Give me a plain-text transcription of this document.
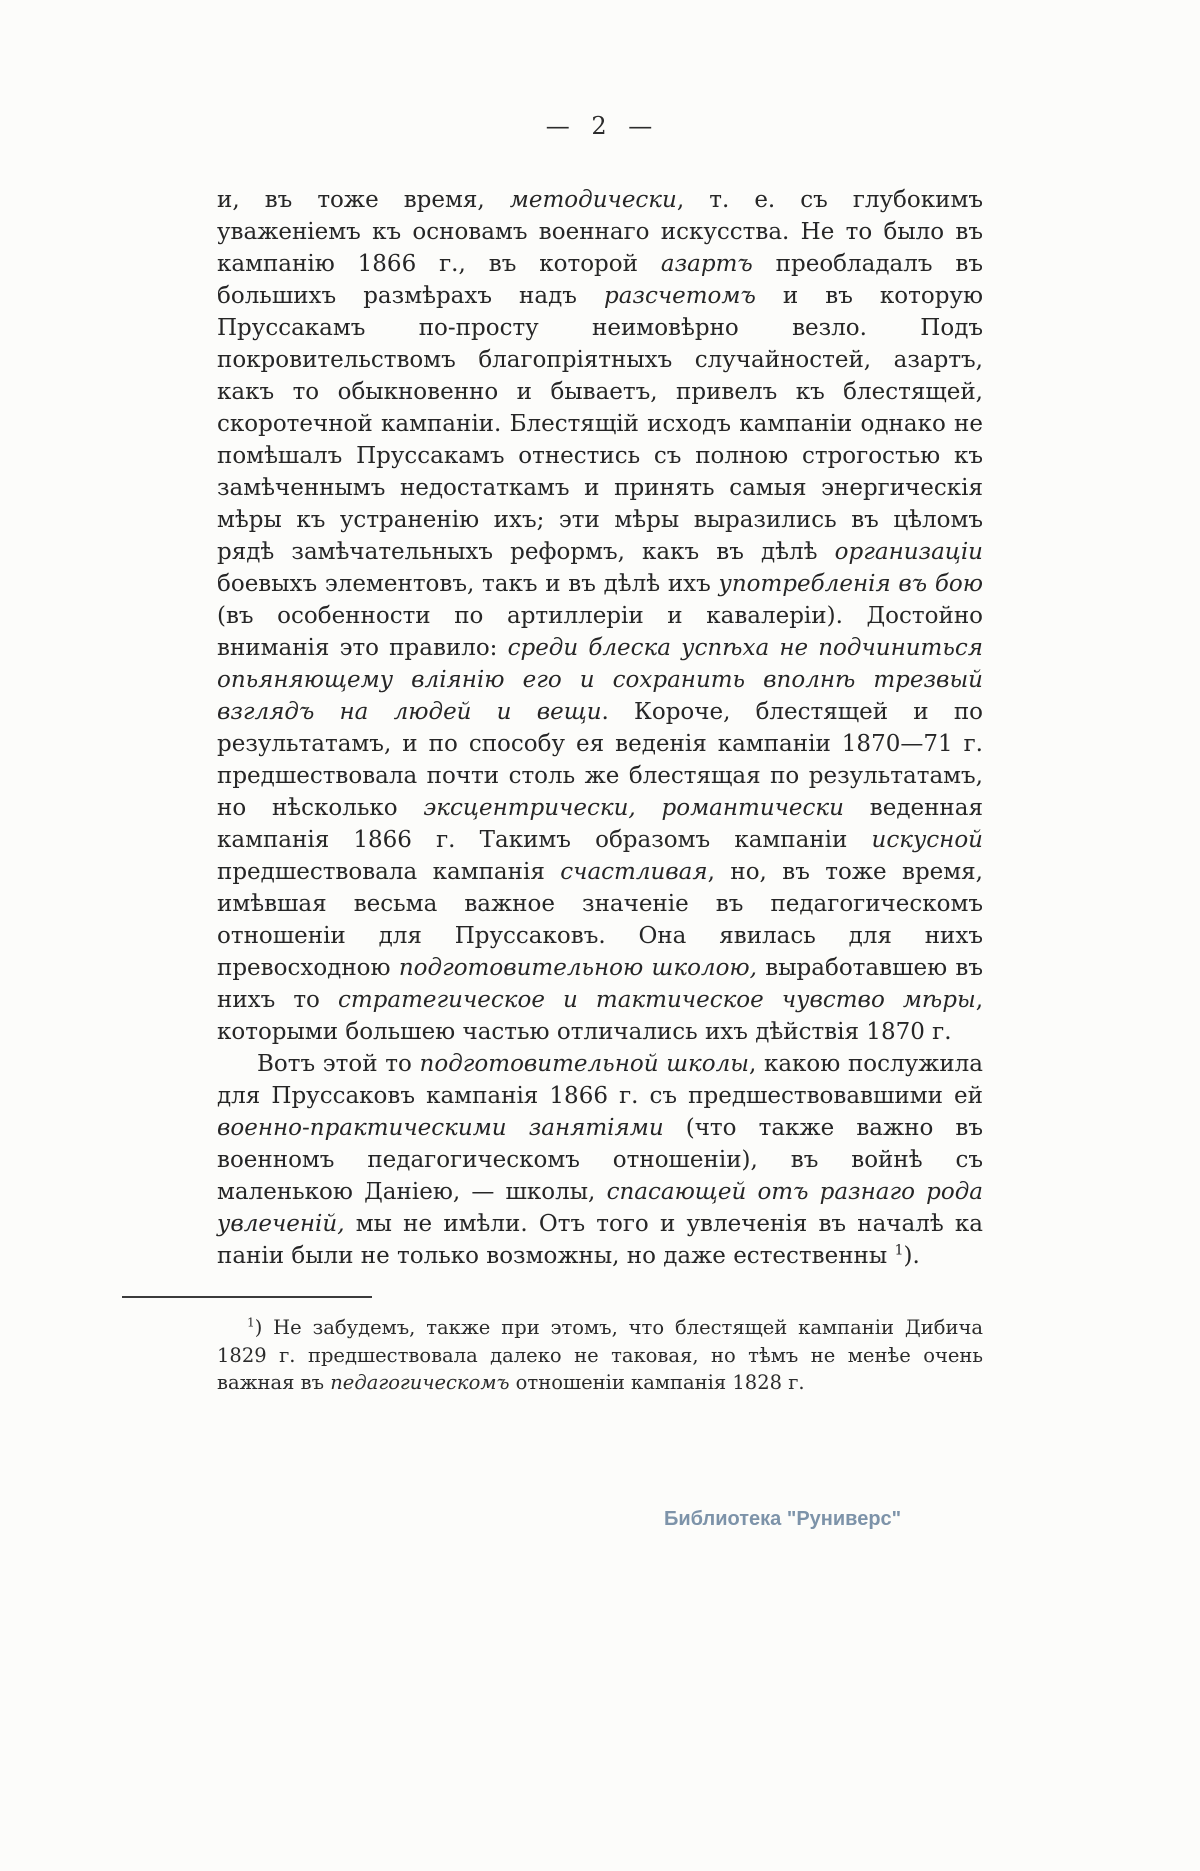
— 2 —

и, въ тоже время, методически, т. е. съ глубокимъ уваженіемъ къ основамъ военнаго искусства. Не то было въ кампанію 1866 г., въ которой азартъ преобладалъ въ большихъ размѣрахъ надъ разсчетомъ и въ которую Пруссакамъ по-просту неимовѣрно везло. Подъ покровительствомъ благопріятныхъ случайностей, азартъ, какъ то обыкновенно и бываетъ, привелъ къ блестящей, скоротечной кампаніи. Блестящій исходъ кампаніи однако не помѣшалъ Пруссакамъ отнестись съ полною строгостью къ замѣченнымъ недостаткамъ и принять самыя энергическія мѣры къ устраненію ихъ; эти мѣры выразились въ цѣломъ рядѣ замѣчательныхъ реформъ, какъ въ дѣлѣ организаціи боевыхъ элементовъ, такъ и въ дѣлѣ ихъ употребленія въ бою (въ особенности по артиллеріи и кавалеріи). Достойно вниманія это правило: среди блеска успѣха не подчиниться опьяняющему вліянію его и сохранить вполнѣ трезвый взглядъ на людей и вещи. Короче, блестящей и по результатамъ, и по способу ея веденія кампаніи 1870—71 г. предшествовала почти столь же блестящая по результатамъ, но нѣсколько эксцентрически, романтически веденная кампанія 1866 г. Такимъ образомъ кампаніи искусной предшествовала кампанія счастливая, но, въ тоже время, имѣвшая весьма важное значеніе въ педагогическомъ отношеніи для Пруссаковъ. Она явилась для нихъ превосходною подготовительною школою, выработавшею въ нихъ то стратегическое и тактическое чувство мѣры, которыми большею частью отличались ихъ дѣйствія 1870 г.

Вотъ этой то подготовительной школы, какою послужила для Пруссаковъ кампанія 1866 г. съ предшествовавшими ей военно-практическими занятіями (что также важно въ военномъ педагогическомъ отношеніи), въ войнѣ съ маленькою Даніею, — школы, спасающей отъ разнаго рода увлеченій, мы не имѣли. Отъ того и увлеченія въ началѣ ка паніи были не только возможны, но даже естественны $^1$).

$^1$) Не забудемъ, также при этомъ, что блестящей кампаніи Дибича 1829 г. предшествовала далеко не таковая, но тѣмъ не менѣе очень важная въ педагогическомъ отношеніи кампанія 1828 г.
Библиотека "Руниверс"
